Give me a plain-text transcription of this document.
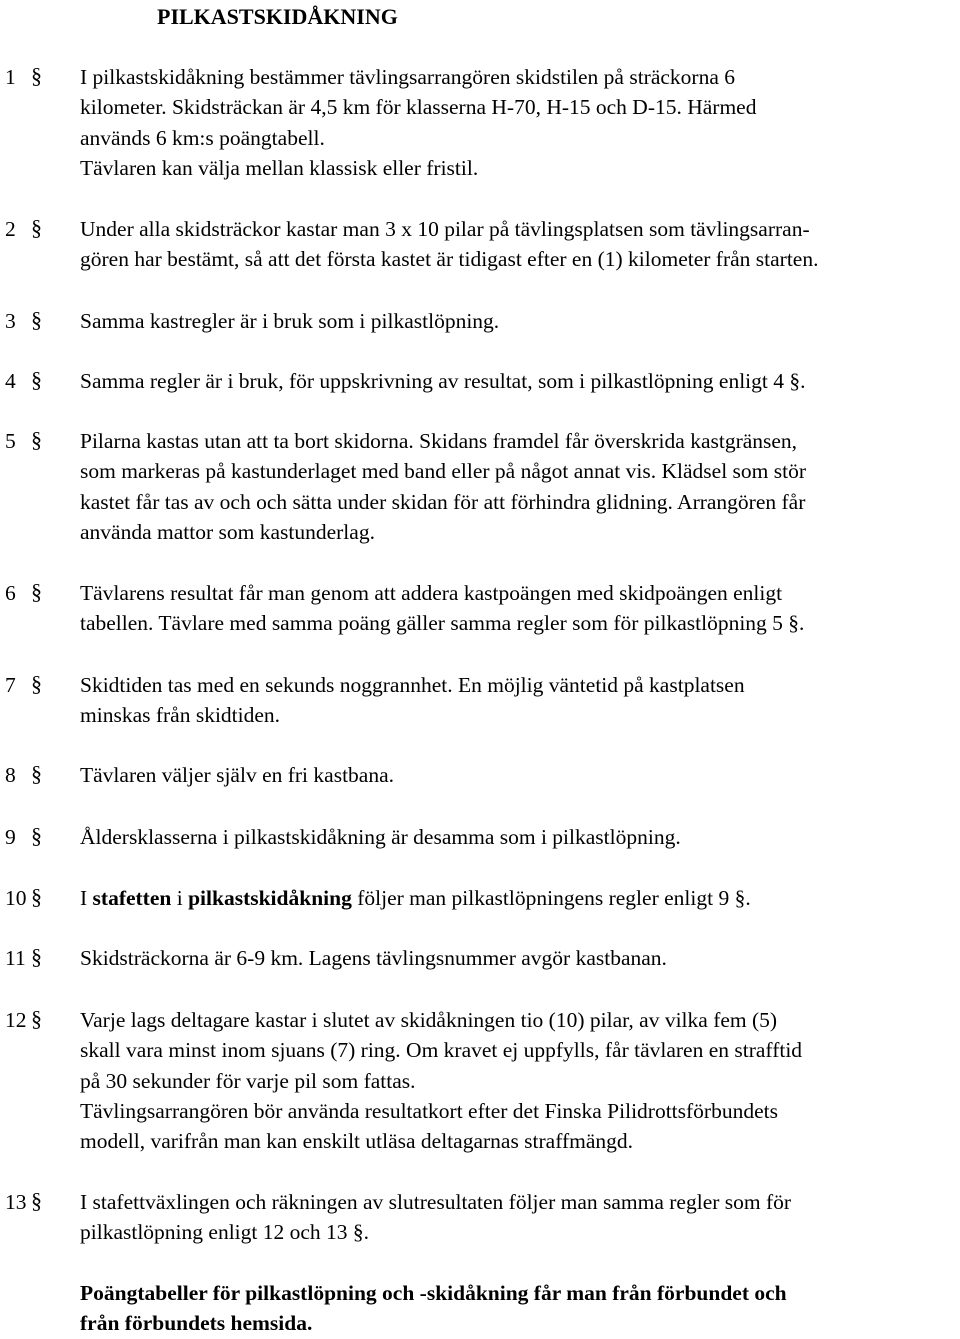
PILKASTSKIDÅKNING
1 § I pilkastskidåkning bestämmer tävlingsarrangören skidstilen på sträckorna 6
kilometer. Skidsträckan är 4,5 km för klasserna H-70, H-15 och D-15. Härmed
används 6 km:s poängtabell.
Tävlaren kan välja mellan klassisk eller fristil.
2 § Under alla skidsträckor kastar man 3 x 10 pilar på tävlingsplatsen som tävlingsarran-
gören har bestämt, så att det första kastet är tidigast efter en (1) kilometer från starten.
3 § Samma kastregler är i bruk som i pilkastlöpning.
4 § Samma regler är i bruk, för uppskrivning av resultat, som i pilkastlöpning enligt 4 §.
5 § Pilarna kastas utan att ta bort skidorna. Skidans framdel får överskrida kastgränsen,
som markeras på kastunderlaget med band eller på något annat vis. Klädsel som stör
kastet får tas av och och sätta under skidan för att förhindra glidning. Arrangören får
använda mattor som kastunderlag.
6 § Tävlarens resultat får man genom att addera kastpoängen med skidpoängen enligt
tabellen. Tävlare med samma poäng gäller samma regler som för pilkastlöpning 5 §.
7 § Skidtiden tas med en sekunds noggrannhet. En möjlig väntetid på kastplatsen
minskas från skidtiden.
8 § Tävlaren väljer själv en fri kastbana.
9 § Åldersklasserna i pilkastskidåkning är desamma som i pilkastlöpning.
10 § I stafetten i pilkastskidåkning följer man pilkastlöpningens regler enligt 9 §.
11 § Skidsträckorna är 6-9 km. Lagens tävlingsnummer avgör kastbanan.
12 § Varje lags deltagare kastar i slutet av skidåkningen tio (10) pilar, av vilka fem (5)
skall vara minst inom sjuans (7) ring. Om kravet ej uppfylls, får tävlaren en strafftid
på 30 sekunder för varje pil som fattas.
Tävlingsarrangören bör använda resultatkort efter det Finska Pilidrottsförbundets
modell, varifrån man kan enskilt utläsa deltagarnas straffmängd.
13 § I stafettväxlingen och räkningen av slutresultaten följer man samma regler som för
pilkastlöpning enligt 12 och 13 §.
Poängtabeller för pilkastlöpning och -skidåkning får man från förbundet och
från förbundets hemsida.
